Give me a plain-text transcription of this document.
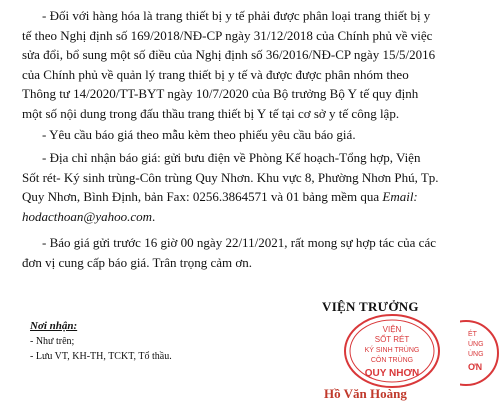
- Đối với hàng hóa là trang thiết bị y tế phải được phân loại trang thiết bị y
tế theo Nghị định số 169/2018/NĐ-CP ngày 31/12/2018 của Chính phủ về việc
sửa đổi, bổ sung một số điều của Nghị định số 36/2016/NĐ-CP ngày 15/5/2016
của Chính phủ về quản lý trang thiết bị y tế và được được phân nhóm theo
Thông tư 14/2020/TT-BYT ngày 10/7/2020 của Bộ trưởng Bộ Y tế quy định
một số nội dung trong đấu thầu trang thiết bị Y tế tại cơ sở y tế công lập.
- Yêu cầu báo giá theo mẫu kèm theo phiếu yêu cầu báo giá.
- Địa chỉ nhận báo giá: gửi bưu điện về Phòng Kế hoạch-Tổng hợp, Viện
Sốt rét- Ký sinh trùng-Côn trùng Quy Nhơn. Khu vực 8, Phường Nhơn Phú, Tp.
Quy Nhơn, Bình Định, bản Fax: 0256.3864571 và 01 bảng mềm qua Email:
hodacthoan@yahoo.com.
- Báo giá gửi trước 16 giờ 00 ngày 22/11/2021, rất mong sự hợp tác của các
đơn vị cung cấp báo giá. Trân trọng cảm ơn.
VIỆN TRƯỞNG
Nơi nhận:
- Như trên;
- Lưu VT, KH-TH, TCKT, Tổ thầu.
VIỆN
SỐT RÉT
KÝ SINH TRÙNG
CÔN TRÙNG
QUY NHƠN
ÉT
ÙNG
ÙNG
ƠN
Hồ Văn Hoàng
